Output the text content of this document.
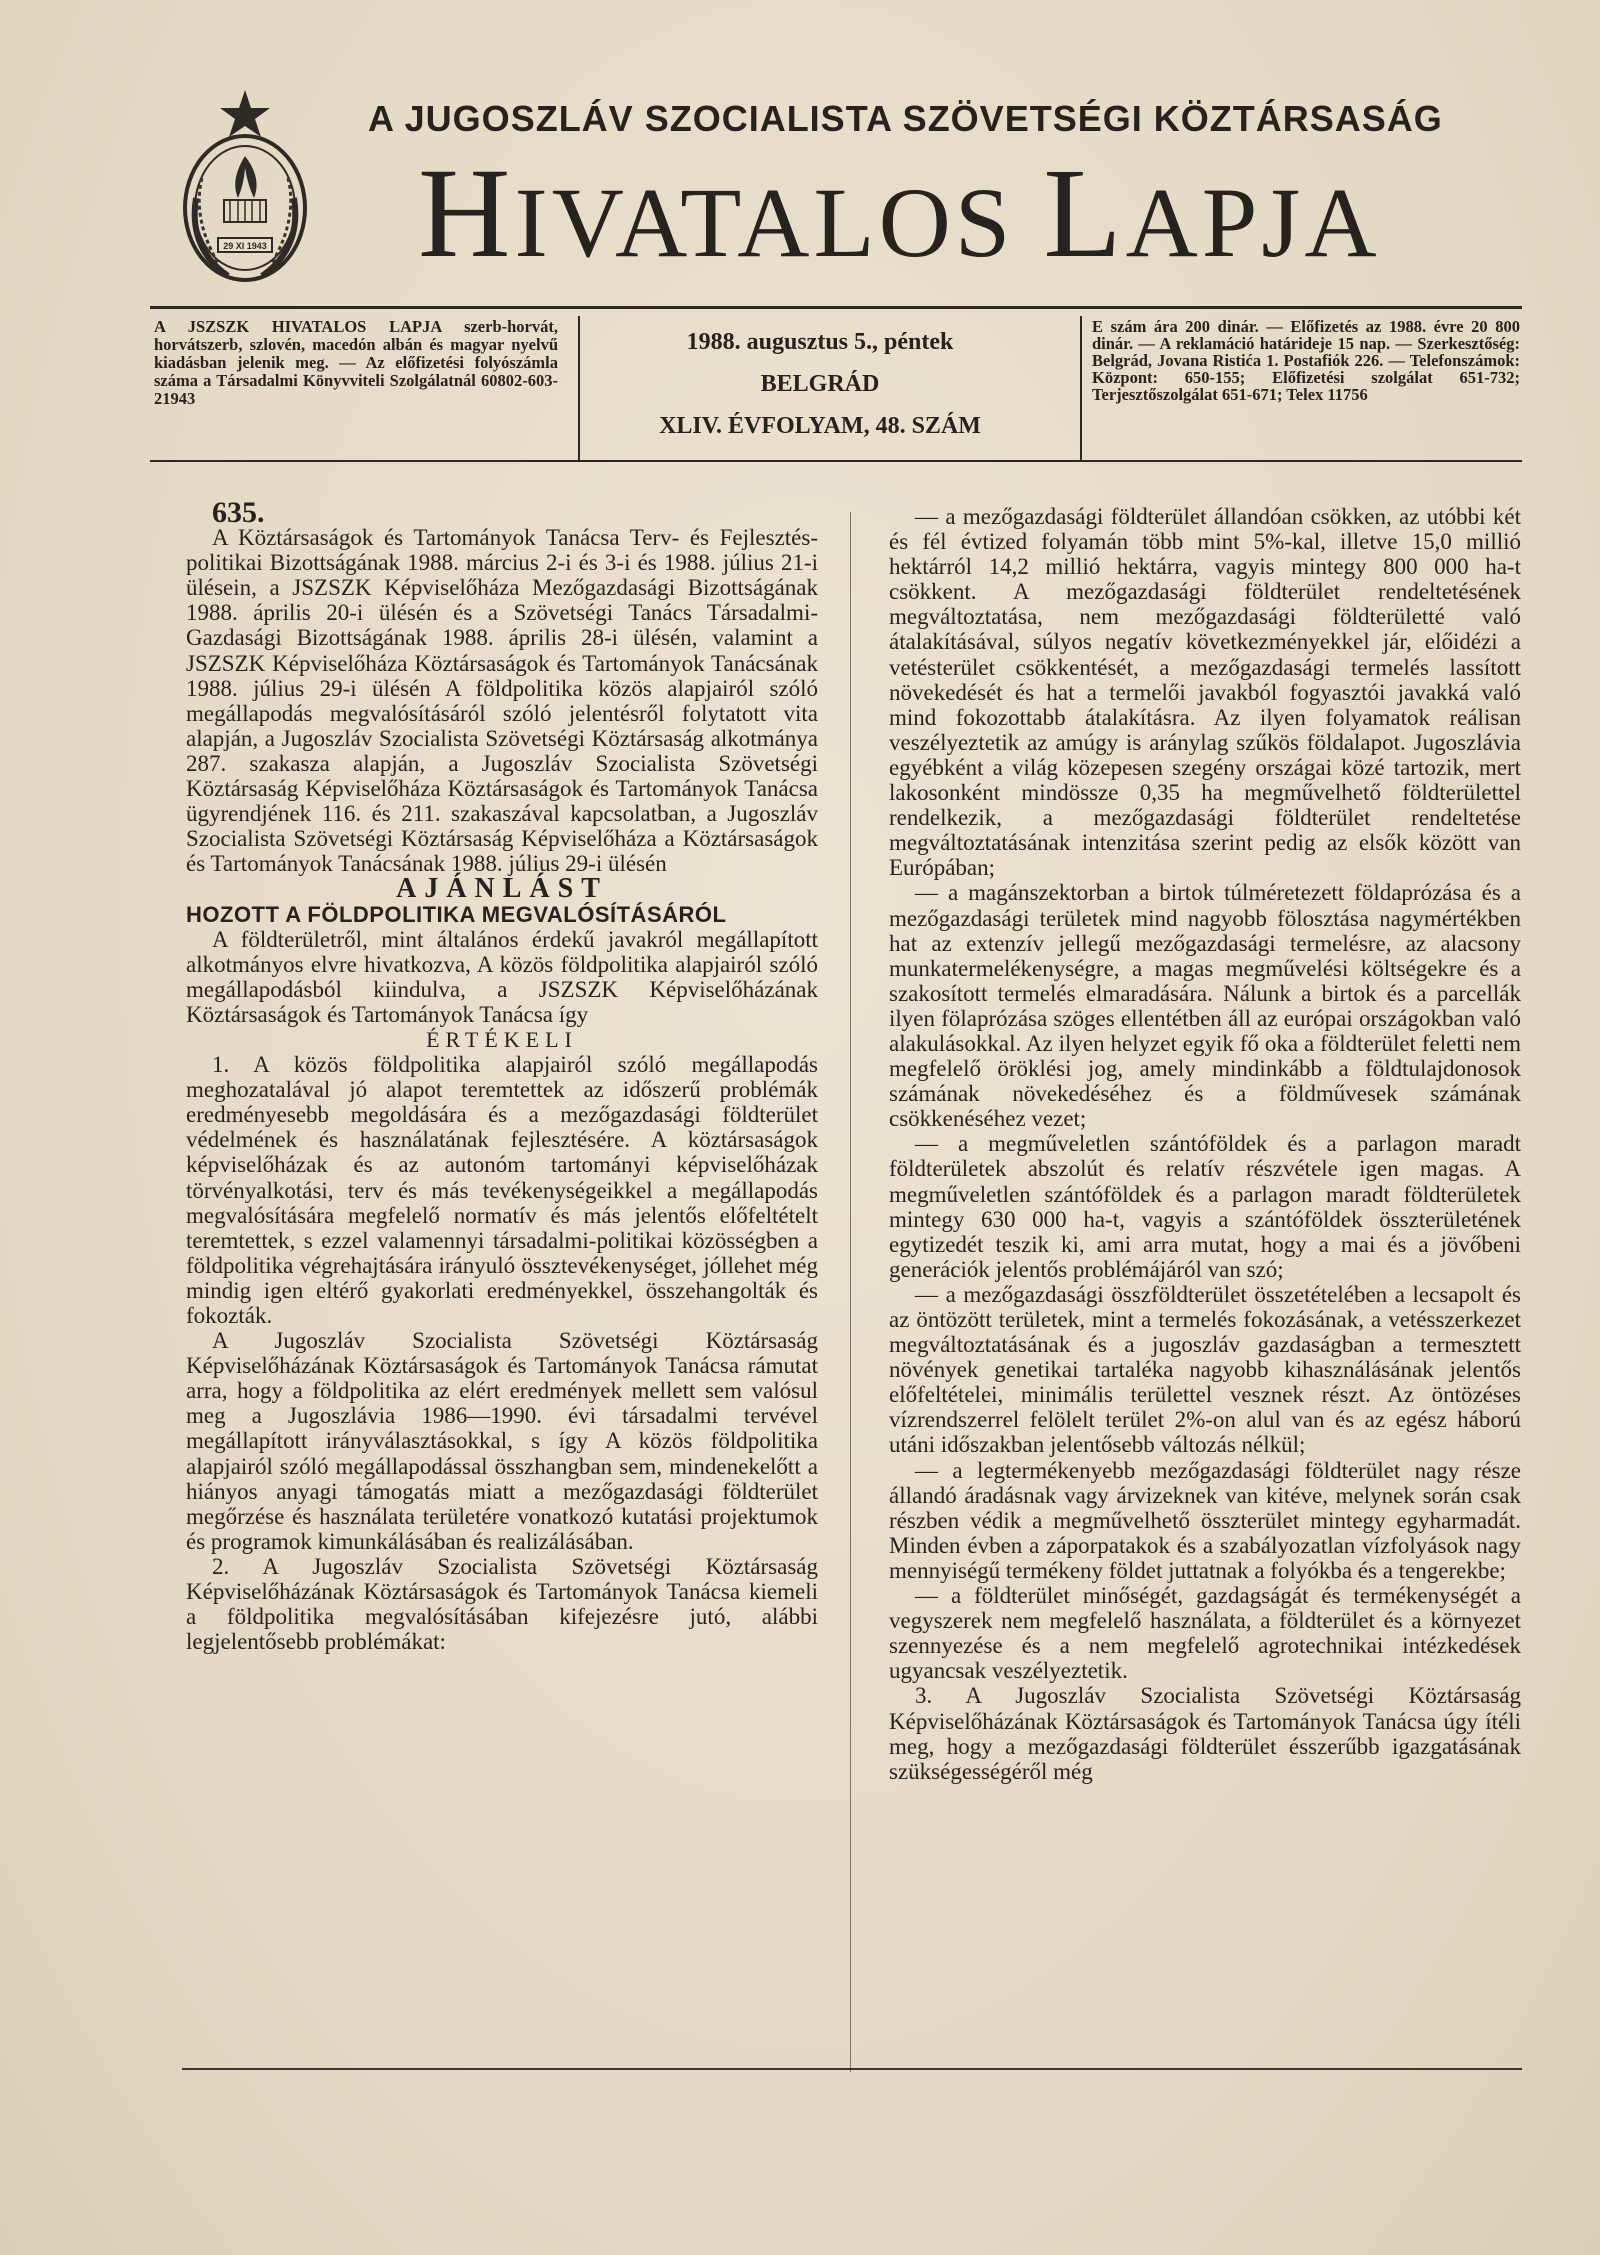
29 XI 1943
A JUGOSZLÁV SZOCIALISTA SZÖVETSÉGI KÖZTÁRSASÁG
HIVATALOS LAPJA
A JSZSZK HIVATALOS LAPJA szerb-horvát, horvátszerb, szlovén, macedón albán és magyar nyelvű kiadásban jelenik meg. — Az előfizetési folyószámla száma a Társadalmi Könyvviteli Szolgálatnál 60802-603-21943
1988. augusztus 5., péntek
BELGRÁD
XLIV. ÉVFOLYAM, 48. SZÁM
E szám ára 200 dinár. — Előfizetés az 1988. évre 20 800 dinár. — A reklamáció határideje 15 nap. — Szerkesztőség: Belgrád, Jovana Ristića 1. Postafiók 226. — Telefonszámok: Központ: 650-155; Előfizetési szolgálat 651-732; Terjesztőszolgálat 651-671; Telex 11756

635.

A Köztársaságok és Tartományok Tanácsa Terv- és Fejlesztés-politikai Bizottságának 1988. március 2-i és 3-i és 1988. július 21-i ülésein, a JSZSZK Képviselőháza Mezőgazdasági Bizottságának 1988. április 20-i ülésén és a Szövetségi Tanács Társadalmi-Gazdasági Bizottságának 1988. április 28-i ülésén, valamint a JSZSZK Képviselőháza Köztársaságok és Tartományok Tanácsának 1988. július 29-i ülésén A földpolitika közös alapjairól szóló megállapodás megvalósításáról szóló jelentésről folytatott vita alapján, a Jugoszláv Szocialista Szövetségi Köztársaság alkotmánya 287. szakasza alapján, a Jugoszláv Szocialista Szövetségi Köztársaság Képviselőháza Köztársaságok és Tartományok Tanácsa ügyrendjének 116. és 211. szakaszával kapcsolatban, a Jugoszláv Szocialista Szövetségi Köztársaság Képviselőháza a Köztársaságok és Tartományok Tanácsának 1988. július 29-i ülésén

AJÁNLÁST

HOZOTT A FÖLDPOLITIKA MEGVALÓSÍTÁSÁRÓL

A földterületről, mint általános érdekű javakról megállapított alkotmányos elvre hivatkozva, A közös földpolitika alapjairól szóló megállapodásból kiindulva, a JSZSZK Képviselőházának Köztársaságok és Tartományok Tanácsa így

ÉRTÉKELI

1. A közös földpolitika alapjairól szóló megállapodás meghozatalával jó alapot teremtettek az időszerű problémák eredményesebb megoldására és a mezőgazdasági földterület védelmének és használatának fejlesztésére. A köztársaságok képviselőházak és az autonóm tartományi képviselőházak törvényalkotási, terv és más tevékenységeikkel a megállapodás megvalósítására megfelelő normatív és más jelentős előfeltételt teremtettek, s ezzel valamennyi társadalmi-politikai közösségben a földpolitika végrehajtására irányuló össztevékenységet, jóllehet még mindig igen eltérő gyakorlati eredményekkel, összehangolták és fokozták.

A Jugoszláv Szocialista Szövetségi Köztársaság Képviselőházának Köztársaságok és Tartományok Tanácsa rámutat arra, hogy a földpolitika az elért eredmények mellett sem valósul meg a Jugoszlávia 1986—1990. évi társadalmi tervével megállapított irányválasztásokkal, s így A közös földpolitika alapjairól szóló megállapodással összhangban sem, mindenekelőtt a hiányos anyagi támogatás miatt a mezőgazdasági földterület megőrzése és használata területére vonatkozó kutatási projektumok és programok kimunkálásában és realizálásában.

2. A Jugoszláv Szocialista Szövetségi Köztársaság Képviselőházának Köztársaságok és Tartományok Tanácsa kiemeli a földpolitika megvalósításában kifejezésre jutó, alábbi legjelentősebb problémákat:

— a mezőgazdasági földterület állandóan csökken, az utóbbi két és fél évtized folyamán több mint 5%-kal, illetve 15,0 millió hektárról 14,2 millió hektárra, vagyis mintegy 800 000 ha-t csökkent. A mezőgazdasági földterület rendeltetésének megváltoztatása, nem mezőgazdasági földterületté való átalakításával, súlyos negatív következményekkel jár, előidézi a vetésterület csökkentését, a mezőgazdasági termelés lassított növekedését és hat a termelői javakból fogyasztói javakká való mind fokozottabb átalakításra. Az ilyen folyamatok reálisan veszélyeztetik az amúgy is aránylag szűkös földalapot. Jugoszlávia egyébként a világ közepesen szegény országai közé tartozik, mert lakosonként mindössze 0,35 ha megművelhető földterülettel rendelkezik, a mezőgazdasági földterület rendeltetése megváltoztatásának intenzitása szerint pedig az elsők között van Európában;

— a magánszektorban a birtok túlméretezett földaprózása és a mezőgazdasági területek mind nagyobb fölosztása nagymértékben hat az extenzív jellegű mezőgazdasági termelésre, az alacsony munkatermelékenységre, a magas megművelési költségekre és a szakosított termelés elmaradására. Nálunk a birtok és a parcellák ilyen fölaprózása szöges ellentétben áll az európai országokban való alakulásokkal. Az ilyen helyzet egyik fő oka a földterület feletti nem megfelelő öröklési jog, amely mindinkább a földtulajdonosok számának növekedéséhez és a földművesek számának csökkenéséhez vezet;

— a megműveletlen szántóföldek és a parlagon maradt földterületek abszolút és relatív részvétele igen magas. A megműveletlen szántóföldek és a parlagon maradt földterületek mintegy 630 000 ha-t, vagyis a szántóföldek összterületének egytizedét teszik ki, ami arra mutat, hogy a mai és a jövőbeni generációk jelentős problémájáról van szó;

— a mezőgazdasági összföldterület összetételében a lecsapolt és az öntözött területek, mint a termelés fokozásának, a vetésszerkezet megváltoztatásának és a jugoszláv gazdaságban a termesztett növények genetikai tartaléka nagyobb kihasználásának jelentős előfeltételei, minimális területtel vesznek részt. Az öntözéses vízrendszerrel felölelt terület 2%-on alul van és az egész háború utáni időszakban jelentősebb változás nélkül;

— a legtermékenyebb mezőgazdasági földterület nagy része állandó áradásnak vagy árvizeknek van kitéve, melynek során csak részben védik a megművelhető összterület mintegy egyharmadát. Minden évben a záporpatakok és a szabályozatlan vízfolyások nagy mennyiségű termékeny földet juttatnak a folyókba és a tengerekbe;

— a földterület minőségét, gazdagságát és termékenységét a vegyszerek nem megfelelő használata, a földterület és a környezet szennyezése és a nem megfelelő agrotechnikai intézkedések ugyancsak veszélyeztetik.

3. A Jugoszláv Szocialista Szövetségi Köztársaság Képviselőházának Köztársaságok és Tartományok Tanácsa úgy ítéli meg, hogy a mezőgazdasági földterület ésszerűbb igazgatásának szükségességéről még
